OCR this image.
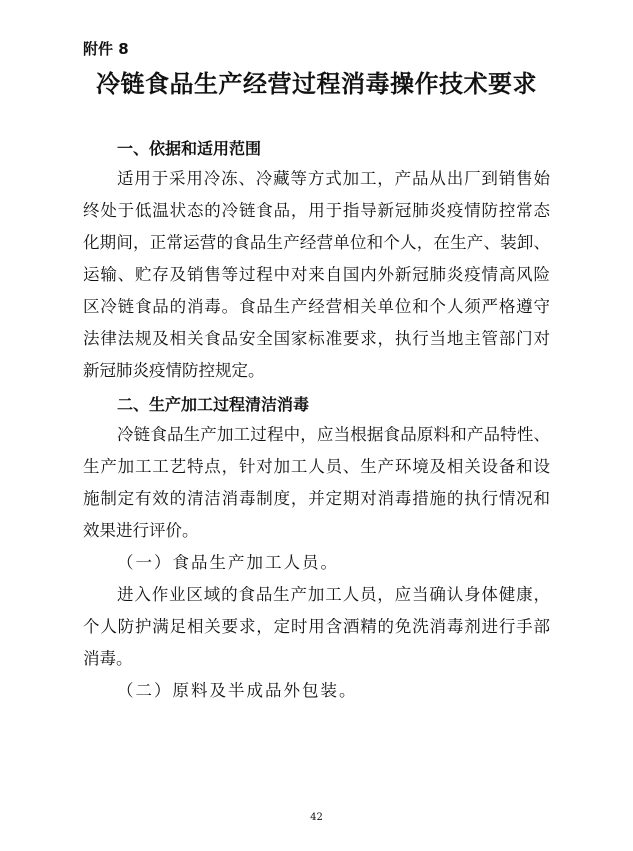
附件 8
冷链食品生产经营过程消毒操作技术要求
一、依据和适用范围
适用于采用冷冻、冷藏等方式加工，产品从出厂到销售始
终处于低温状态的冷链食品，用于指导新冠肺炎疫情防控常态
化期间，正常运营的食品生产经营单位和个人，在生产、装卸、
运输、贮存及销售等过程中对来自国内外新冠肺炎疫情高风险
区冷链食品的消毒。食品生产经营相关单位和个人须严格遵守
法律法规及相关食品安全国家标准要求，执行当地主管部门对
新冠肺炎疫情防控规定。
二、生产加工过程清洁消毒
冷链食品生产加工过程中，应当根据食品原料和产品特性、
生产加工工艺特点，针对加工人员、生产环境及相关设备和设
施制定有效的清洁消毒制度，并定期对消毒措施的执行情况和
效果进行评价。
（一）食品生产加工人员。
进入作业区域的食品生产加工人员，应当确认身体健康，
个人防护满足相关要求，定时用含酒精的免洗消毒剂进行手部
消毒。
（二）原料及半成品外包装。
42
